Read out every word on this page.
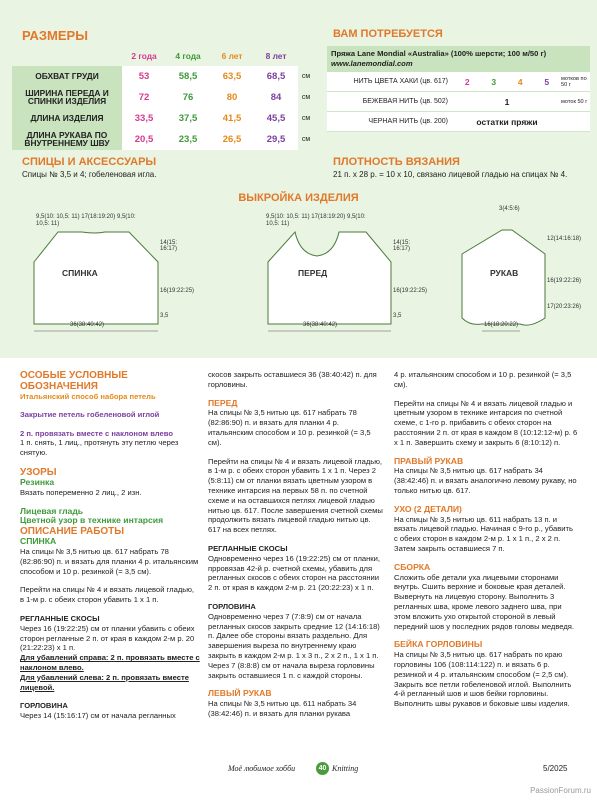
РАЗМЕРЫ
	2 года	4 года	6 лет	8 лет	
ОБХВАТ ГРУДИ	53	58,5	63,5	68,5	см
ШИРИНА ПЕРЕДА И СПИНКИ ИЗДЕЛИЯ	72	76	80	84	см
ДЛИНА ИЗДЕЛИЯ	33,5	37,5	41,5	45,5	см
ДЛИНА РУКАВА ПО ВНУТРЕННЕМУ ШВУ	20,5	23,5	26,5	29,5	см
ВАМ ПОТРЕБУЕТСЯ
Пряжа Lane Mondial «Australia» (100% шерсти; 100 м/50 г)
www.lanemondial.com
НИТЬ ЦВЕТА ХАКИ (цв. 617)	2	3	4	5	мотков по 50 г
БЕЖЕВАЯ НИТЬ (цв. 502)	1				моток 50 г
ЧЕРНАЯ НИТЬ (цв. 200)	остатки пряжи				
СПИЦЫ И АКСЕССУАРЫ
Спицы № 3,5 и 4; гобеленовая игла.
ПЛОТНОСТЬ ВЯЗАНИЯ
21 п. х 28 р. = 10 х 10, связано лицевой гладью на спицах № 4.
ВЫКРОЙКА ИЗДЕЛИЯ
СПИНКА
9,5(10: 10,5: 11) 17(18:19:20) 9,5(10: 10,5: 11)
14(15: 16:17)
16(19:22:25)
3,5
36(38:40:42)
ПЕРЕД
9,5(10: 10,5: 11) 17(18:19:20) 9,5(10: 10,5: 11)
14(15: 16:17)
16(19:22:25)
3,5
36(38:40:42)
РУКАВ
3(4:5:6)
12(14:16:18)
16(19:22:26)
17(20:23:26)
16(18:20:22)

ОСОБЫЕ УСЛОВНЫЕ ОБОЗНАЧЕНИЯ

Итальянский способ набора петель

Закрытие петель гобеленовой иглой

2 п. провязать вместе с наклоном влево

1 п. снять, 1 лиц., протянуть эту петлю через снятую.

УЗОРЫ

Резинка

Вязать попеременно 2 лиц., 2 изн.

Лицевая гладь

Цветной узор в технике интарсия

ОПИСАНИЕ РАБОТЫ

СПИНКА

На спицы № 3,5 нитью цв. 617 набрать 78 (82:86:90) п. и вязать для планки 4 р. итальянским способом и 10 р. резинкой (= 3,5 см).

Перейти на спицы № 4 и вязать лицевой гладью, в 1-м р. с обеих сторон убавить 1 х 1 п.

РЕГЛАННЫЕ СКОСЫ

Через 16 (19:22:25) см от планки убавить с обеих сторон регланные 2 п. от края в каждом 2-м р. 20 (21:22:23) х 1 п.

Для убавлений справа: 2 п. провязать вместе с наклоном влево.

Для убавлений слева: 2 п. провязать вместе лицевой.

ГОРЛОВИНА

Через 14 (15:16:17) см от начала регланных

скосов закрыть оставшиеся 36 (38:40:42) п. для горловины.

ПЕРЕД

На спицы № 3,5 нитью цв. 617 набрать 78 (82:86:90) п. и вязать для планки 4 р. итальянским способом и 10 р. резинкой (= 3,5 см).

Перейти на спицы № 4 и вязать лицевой гладью, в 1-м р. с обеих сторон убавить 1 х 1 п. Через 2 (5:8:11) см от планки вязать цветным узором в технике интарсия на первых 58 п. по счетной схеме и на оставшихся петлях лицевой гладью нитью цв. 617. После завершения счетной схемы продолжить вязать лицевой гладью нитью цв. 617 на всех петлях.

РЕГЛАННЫЕ СКОСЫ

Одновременно через 16 (19:22:25) см от планки, прровязав 42-й р. счетной схемы, убавить для регланных скосов с обеих сторон на расстоянии 2 п. от края в каждом 2-м р. 21 (20:22:23) х 1 п.

ГОРЛОВИНА

Одновременно через 7 (7:8:9) см от начала регланных скосов закрыть средние 12 (14:16:18) п. Далее обе стороны вязать раздельно. Для завершения выреза по внутреннему краю закрыть в каждом 2-м р. 1 х 3 п., 2 х 2 п., 1 х 1 п. Через 7 (8:8:8) см от начала выреза горловины закрыть оставшиеся 1 п. с каждой стороны.

ЛЕВЫЙ РУКАВ

На спицы № 3,5 нитью цв. 611 набрать 34 (38:42:46) п. и вязать для планки рукава

4 р. итальянским способом и 10 р. резинкой (= 3,5 см).

Перейти на спицы № 4 и вязать лицевой гладью и цветным узором в технике интарсия по счетной схеме, с 1-го р. прибавить с обеих сторон на расстоянии 2 п. от края в каждом 8 (10:12:12-м) р. 6 х 1 п. Завершить схему и закрыть 6 (8:10:12) п.

ПРАВЫЙ РУКАВ

На спицы № 3,5 нитью цв. 617 набрать 34 (38:42:46) п. и вязать аналогично левому рукаву, но только нитью цв. 617.

УХО (2 ДЕТАЛИ)

На спицы № 3,5 нитью цв. 611 набрать 13 п. и вязать лицевой гладью. Начиная с 9-го р., убавить с обеих сторон в каждом 2-м р. 1 х 1 п., 2 х 2 п. Затем закрыть оставшиеся 7 п.

СБОРКА

Сложить обе детали уха лицевыми сторонами внутрь. Сшить верхние и боковые края деталей. Вывернуть на лицевую сторону. Выполнить 3 регланных шва, кроме левого заднего шва, при этом вложить ухо открытой стороной в левый передний шов у последних рядов головы медведя.

БЕЙКА ГОРЛОВИНЫ

На спицы № 3,5 нитью цв. 617 набрать по краю горловины 106 (108:114:122) п. и вязать 6 р. резинкой и 4 р. итальянским способом (= 2,5 см). Закрыть все петли гобеленовой иглой. Выполнить 4-й регланный шов и шов бейки горловины. Выполнить швы рукавов и боковые швы изделия.

Моё любимое хобби	40 Knitting	5/2025
PassionForum.ru
